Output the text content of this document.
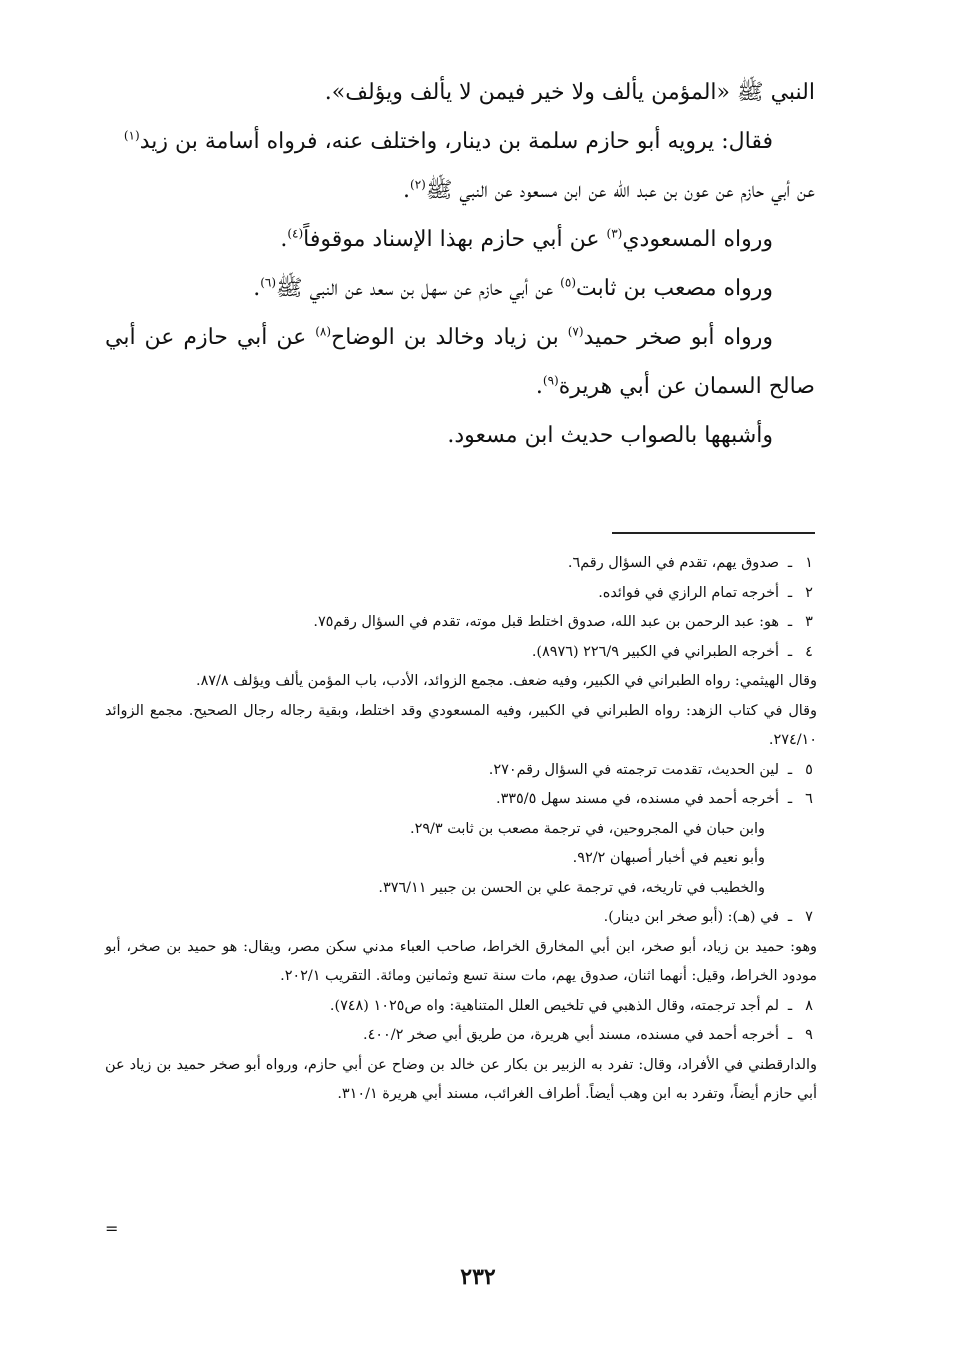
النبي ﷺ «المؤمن يألف ولا خير فيمن لا يألف ويؤلف».

فقال: يرويه أبو حازم سلمة بن دينار، واختلف عنه، فرواه أسامة بن زيد$^{(١)}$

عن أبي حازم عن عون بن عبد الله عن ابن مسعود عن النبي ﷺ$^{(٢)}$.

ورواه المسعودي$^{(٣)}$ عن أبي حازم بهذا الإسناد موقوفاً$^{(٤)}$.

ورواه مصعب بن ثابت$^{(٥)}$ عن أبي حازم عن سهل بن سعد عن النبي ﷺ$^{(٦)}$.

ورواه أبو صخر حميد$^{(٧)}$ بن زياد وخالد بن الوضاح$^{(٨)}$ عن أبي حازم عن أبي صالح السمان عن أبي هريرة$^{(٩)}$.

وأشبهها بالصواب حديث ابن مسعود.

١
ـ
صدوق يهم، تقدم في السؤال رقم٦.
٢
ـ
أخرجه تمام الرازي في فوائده.
٣
ـ
هو: عبد الرحمن بن عبد الله، صدوق اختلط قبل موته، تقدم في السؤال رقم٧٥.
٤
ـ
أخرجه الطبراني في الكبير ٢٢٦/٩ (٨٩٧٦).
وقال الهيثمي: رواه الطبراني في الكبير، وفيه ضعف. مجمع الزوائد، الأدب، باب المؤمن يألف ويؤلف ٨٧/٨.
وقال في كتاب الزهد: رواه الطبراني في الكبير، وفيه المسعودي وقد اختلط، وبقية رجاله رجال الصحيح. مجمع الزوائد ٢٧٤/١٠.
٥
ـ
لين الحديث، تقدمت ترجمته في السؤال رقم٢٧٠.
٦
ـ
أخرجه أحمد في مسنده، في مسند سهل ٣٣٥/٥.
وابن حبان في المجروحين، في ترجمة مصعب بن ثابت ٢٩/٣.
وأبو نعيم في أخبار أصبهان ٩٢/٢.
والخطيب في تاريخه، في ترجمة علي بن الحسن بن جبير ٣٧٦/١١.
٧
ـ
في (هـ): (أبو صخر ابن دينار).
وهو: حميد بن زياد، أبو صخر، ابن أبي المخارق الخراط، صاحب العباء مدني سكن مصر، ويقال: هو حميد بن صخر، أبو مودود الخراط، وقيل: أنهما اثنان، صدوق يهم، مات سنة تسع وثمانين ومائة. التقريب ٢٠٢/١.
٨
ـ
لم أجد ترجمته، وقال الذهبي في تلخيص العلل المتناهية: واه ص١٠٢٥ (٧٤٨).
٩
ـ
أخرجه أحمد في مسنده، مسند أبي هريرة، من طريق أبي صخر ٤٠٠/٢.
والدارقطني في الأفراد، وقال: تفرد به الزبير بن بكار عن خالد بن وضاح عن أبي حازم، ورواه أبو صخر حميد بن زياد عن أبي حازم أيضاً، وتفرد به ابن وهب أيضاً. أطراف الغرائب، مسند أبي هريرة ٣١٠/١.
=
٢٣٢
